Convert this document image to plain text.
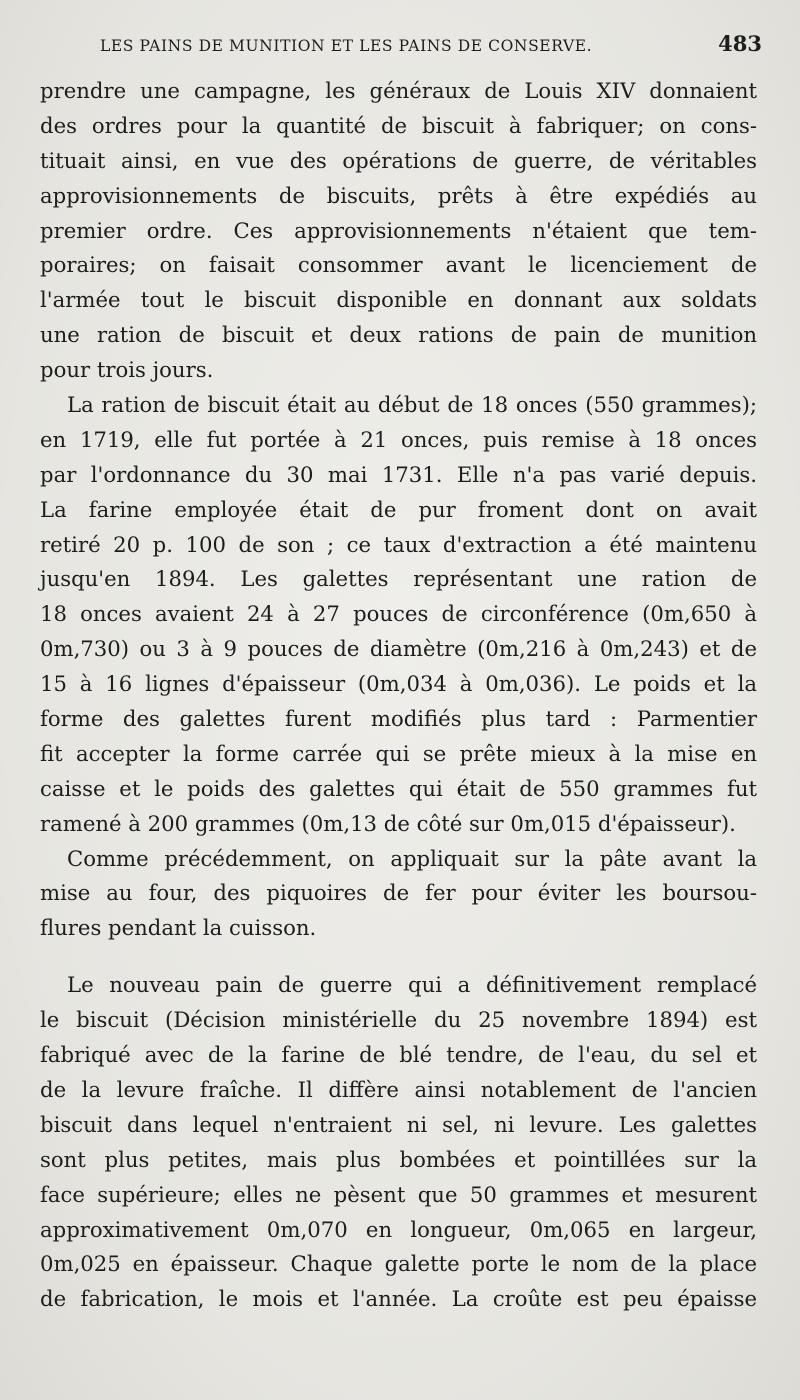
LES PAINS DE MUNITION ET LES PAINS DE CONSERVE.	483
prendre une campagne, les généraux de Louis XIV donnaient
des ordres pour la quantité de biscuit à fabriquer; on cons-
tituait ainsi, en vue des opérations de guerre, de véritables
approvisionnements de biscuits, prêts à être expédiés au
premier ordre. Ces approvisionnements n'étaient que tem-
poraires; on faisait consommer avant le licenciement de
l'armée tout le biscuit disponible en donnant aux soldats
une ration de biscuit et deux rations de pain de munition
pour trois jours.
La ration de biscuit était au début de 18 onces (550 grammes);
en 1719, elle fut portée à 21 onces, puis remise à 18 onces
par l'ordonnance du 30 mai 1731. Elle n'a pas varié depuis.
La farine employée était de pur froment dont on avait
retiré 20 p. 100 de son ; ce taux d'extraction a été maintenu
jusqu'en 1894. Les galettes représentant une ration de
18 onces avaient 24 à 27 pouces de circonférence (0m,650 à
0m,730) ou 3 à 9 pouces de diamètre (0m,216 à 0m,243) et de
15 à 16 lignes d'épaisseur (0m,034 à 0m,036). Le poids et la
forme des galettes furent modifiés plus tard : Parmentier
fit accepter la forme carrée qui se prête mieux à la mise en
caisse et le poids des galettes qui était de 550 grammes fut
ramené à 200 grammes (0m,13 de côté sur 0m,015 d'épaisseur).
Comme précédemment, on appliquait sur la pâte avant la
mise au four, des piquoires de fer pour éviter les boursou-
flures pendant la cuisson.
Le nouveau pain de guerre qui a définitivement remplacé
le biscuit (Décision ministérielle du 25 novembre 1894) est
fabriqué avec de la farine de blé tendre, de l'eau, du sel et
de la levure fraîche. Il diffère ainsi notablement de l'ancien
biscuit dans lequel n'entraient ni sel, ni levure. Les galettes
sont plus petites, mais plus bombées et pointillées sur la
face supérieure; elles ne pèsent que 50 grammes et mesurent
approximativement 0m,070 en longueur, 0m,065 en largeur,
0m,025 en épaisseur. Chaque galette porte le nom de la place
de fabrication, le mois et l'année. La croûte est peu épaisse
